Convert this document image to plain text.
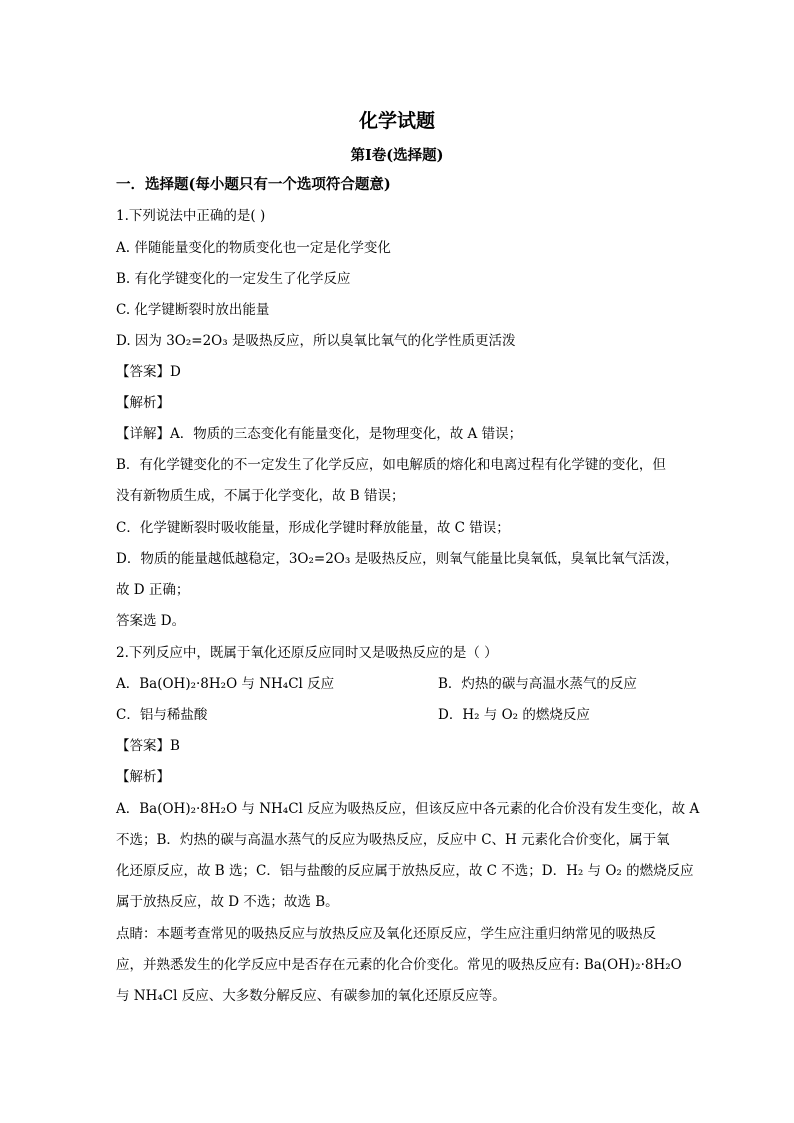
化学试题
第Ⅰ卷(选择题)
一．选择题(每小题只有一个选项符合题意)
1.下列说法中正确的是( )
A. 伴随能量变化的物质变化也一定是化学变化
B. 有化学键变化的一定发生了化学反应
C. 化学键断裂时放出能量
D. 因为 3O₂=2O₃ 是吸热反应，所以臭氧比氧气的化学性质更活泼
【答案】D
【解析】
【详解】A．物质的三态变化有能量变化，是物理变化，故 A 错误；
B．有化学键变化的不一定发生了化学反应，如电解质的熔化和电离过程有化学键的变化，但
没有新物质生成，不属于化学变化，故 B 错误；
C．化学键断裂时吸收能量，形成化学键时释放能量，故 C 错误；
D．物质的能量越低越稳定，3O₂=2O₃ 是吸热反应，则氧气能量比臭氧低，臭氧比氧气活泼，
故 D 正确；
答案选 D。
2.下列反应中，既属于氧化还原反应同时又是吸热反应的是（ ）
A．Ba(OH)₂·8H₂O 与 NH₄Cl 反应	B．灼热的碳与高温水蒸气的反应
C．铝与稀盐酸	D．H₂ 与 O₂ 的燃烧反应
【答案】B
【解析】
A．Ba(OH)₂·8H₂O 与 NH₄Cl 反应为吸热反应，但该反应中各元素的化合价没有发生变化，故 A
不选；B．灼热的碳与高温水蒸气的反应为吸热反应，反应中 C、H 元素化合价变化，属于氧
化还原反应，故 B 选；C．铝与盐酸的反应属于放热反应，故 C 不选；D．H₂ 与 O₂ 的燃烧反应
属于放热反应，故 D 不选；故选 B。
点睛：本题考查常见的吸热反应与放热反应及氧化还原反应，学生应注重归纳常见的吸热反
应，并熟悉发生的化学反应中是否存在元素的化合价变化。常见的吸热反应有: Ba(OH)₂·8H₂O
与 NH₄Cl 反应、大多数分解反应、有碳参加的氧化还原反应等。
